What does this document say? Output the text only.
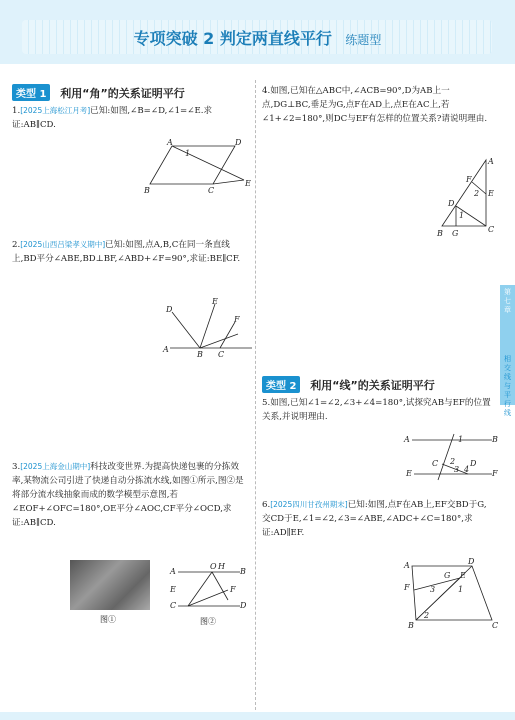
专项突破 2 判定两直线平行 练题型
类型 1 利用“角”的关系证明平行
1.[2025上海松江月考]已知:如图,∠B=∠D,∠1=∠E.求证:AB∥CD.
A	D
B	C
E
1
2.[2025山西吕梁孝义期中]已知:如图,点A,B,C在同一条直线上,BD平分∠ABE,BD⊥BF,∠ABD+∠F=90°,求证:BE∥CF.
D
E
F
A
B C
3.[2025上海金山期中]科技改变世界.为提高快递包裹的分拣效率,某物流公司引进了快递自动分拣流水线,如图①所示,图②是将部分流水线抽象而成的数学模型示意图,若∠EOF+∠OFC=180°,OE平分∠AOC,CF平分∠OCD,求证:AB∥CD.
图①
A	B
O H
C	D
E	F
图②
4.如图,已知在△ABC中,∠ACB=90°,D为AB上一点,DG⊥BC,垂足为G,点F在AD上,点E在AC上,若∠1+∠2=180°,则DC与EF有怎样的位置关系?请说明理由.
A
E
C
F
D
B G
2
1
类型 2 利用“线”的关系证明平行
5.如图,已知∠1=∠2,∠3+∠4=180°,试探究AB与EF的位置关系,并说明理由.
A	B
1
C 2
3 4
D
E	F
6.[2025四川甘孜州期末]已知:如图,点F在AB上,EF交BD于G,交CD于E,∠1=∠2,∠3=∠ABE,∠ADC+∠C=180°,求证:AD∥EF.
A	D
F
G E
3
B
2
1
C
第七章
相交线与平行线
